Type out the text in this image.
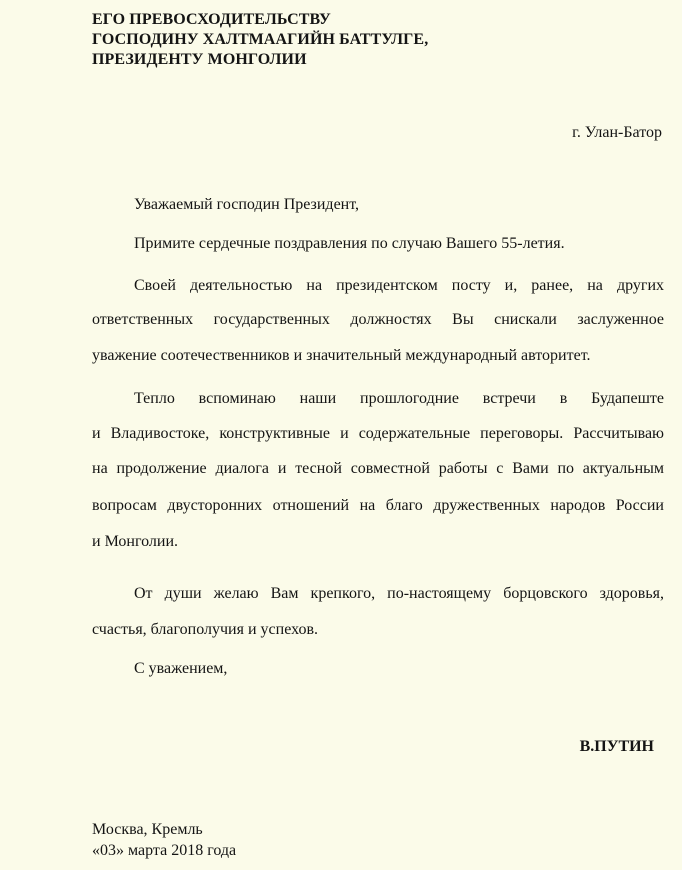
ЕГО ПРЕВОСХОДИТЕЛЬСТВУ
ГОСПОДИНУ ХАЛТМААГИЙН БАТТУЛГЕ,
ПРЕЗИДЕНТУ МОНГОЛИИ
г. Улан-Батор
Уважаемый господин Президент,
Примите сердечные поздравления по случаю Вашего 55-летия.
Своей деятельностью на президентском посту и, ранее, на других
ответственных государственных должностях Вы снискали заслуженное
уважение соотечественников и значительный международный авторитет.
Тепло вспоминаю наши прошлогодние встречи в Будапеште
и Владивостоке, конструктивные и содержательные переговоры. Рассчитываю
на продолжение диалога и тесной совместной работы с Вами по актуальным
вопросам двусторонних отношений на благо дружественных народов России
и Монголии.
От души желаю Вам крепкого, по-настоящему борцовского здоровья,
счастья, благополучия и успехов.
С уважением,
В.ПУТИН
Москва, Кремль
«03» марта 2018 года
